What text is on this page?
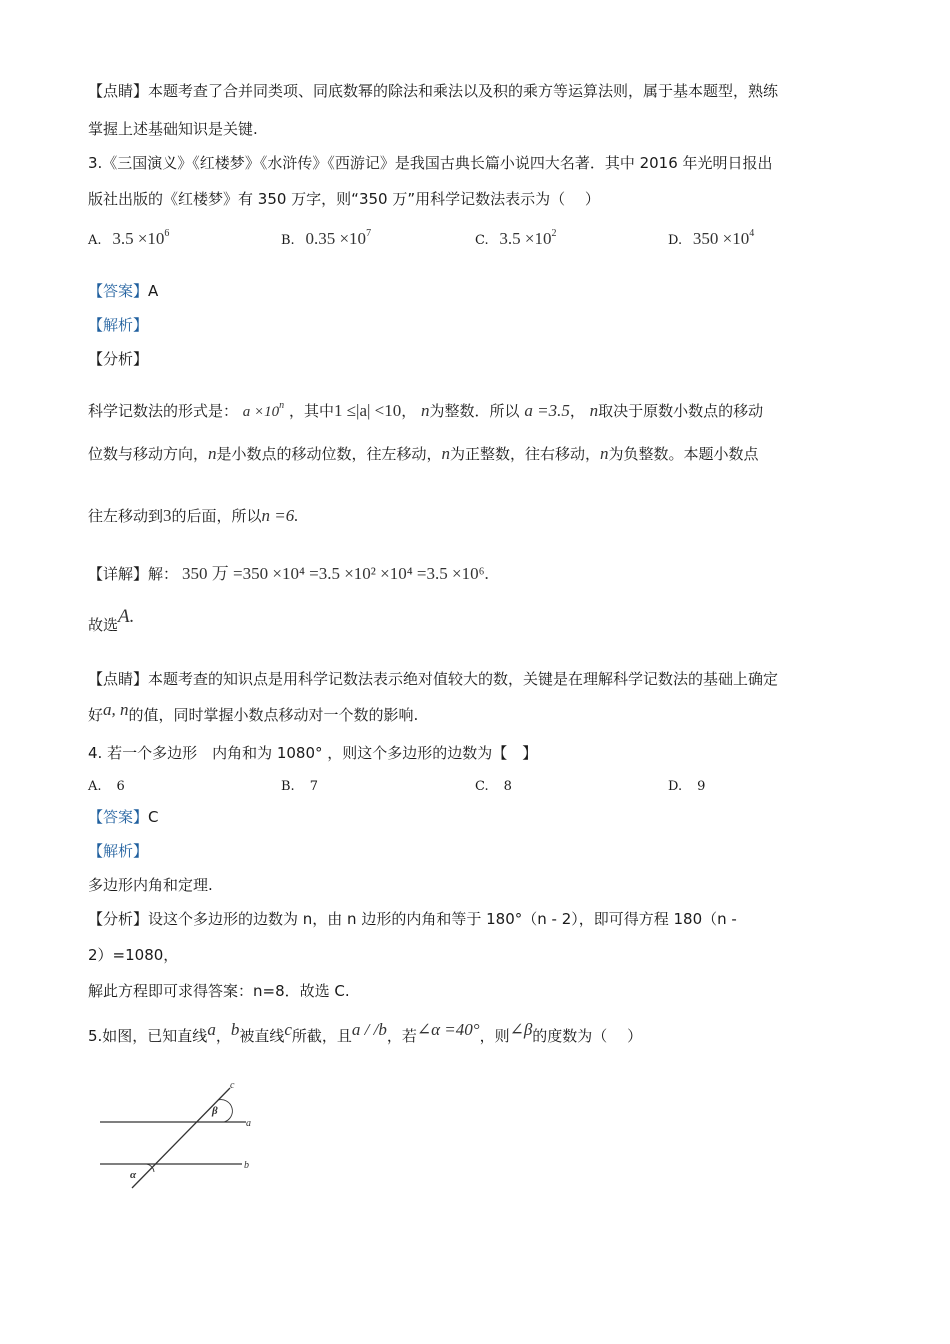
【点睛】本题考查了合并同类项、同底数幂的除法和乘法以及积的乘方等运算法则，属于基本题型，熟练
掌握上述基础知识是关键.
3.《三国演义》《红楼梦》《水浒传》《西游记》是我国古典长篇小说四大名著．其中 2016 年光明日报出
版社出版的《红楼梦》有 350 万字，则“350 万”用科学记数法表示为（　 ）
A. $3.5 \times 10^6$	B. $0.35 \times 10^7$	C. $3.5 \times 10^2$	D. $350 \times 10^4$
【答案】A
【解析】
【分析】
科学记数法的形式是： $a \times 10^n$ ，其中1 ≤|a| <10， n为整数．所以 a =3.5， n取决于原数小数点的移动
位数与移动方向，n是小数点的移动位数，往左移动，n为正整数，往右移动，n为负整数。本题小数点
往左移动到3的后面，所以n =6.
【详解】解： 350 万 =350 ×10⁴ =3.5 ×10² ×10⁴ =3.5 ×10⁶.
故选A.
【点睛】本题考查的知识点是用科学记数法表示绝对值较大的数，关键是在理解科学记数法的基础上确定
好a, n的值，同时掌握小数点移动对一个数的影响.
4. 若一个多边形　内角和为 1080° ，则这个多边形的边数为【　】
A.　 6	B.　 7	C.　 8	D.　 9
【答案】C
【解析】
多边形内角和定理.
【分析】设这个多边形的边数为 n，由 n 边形的内角和等于 180°（n - 2），即可得方程 180（n -
2）=1080，
解此方程即可求得答案：n=8．故选 C.
5.如图，已知直线a，b被直线c所截，且a / /b，若∠α =40°，则∠β的度数为（　 ）
c
a
b
β
α
